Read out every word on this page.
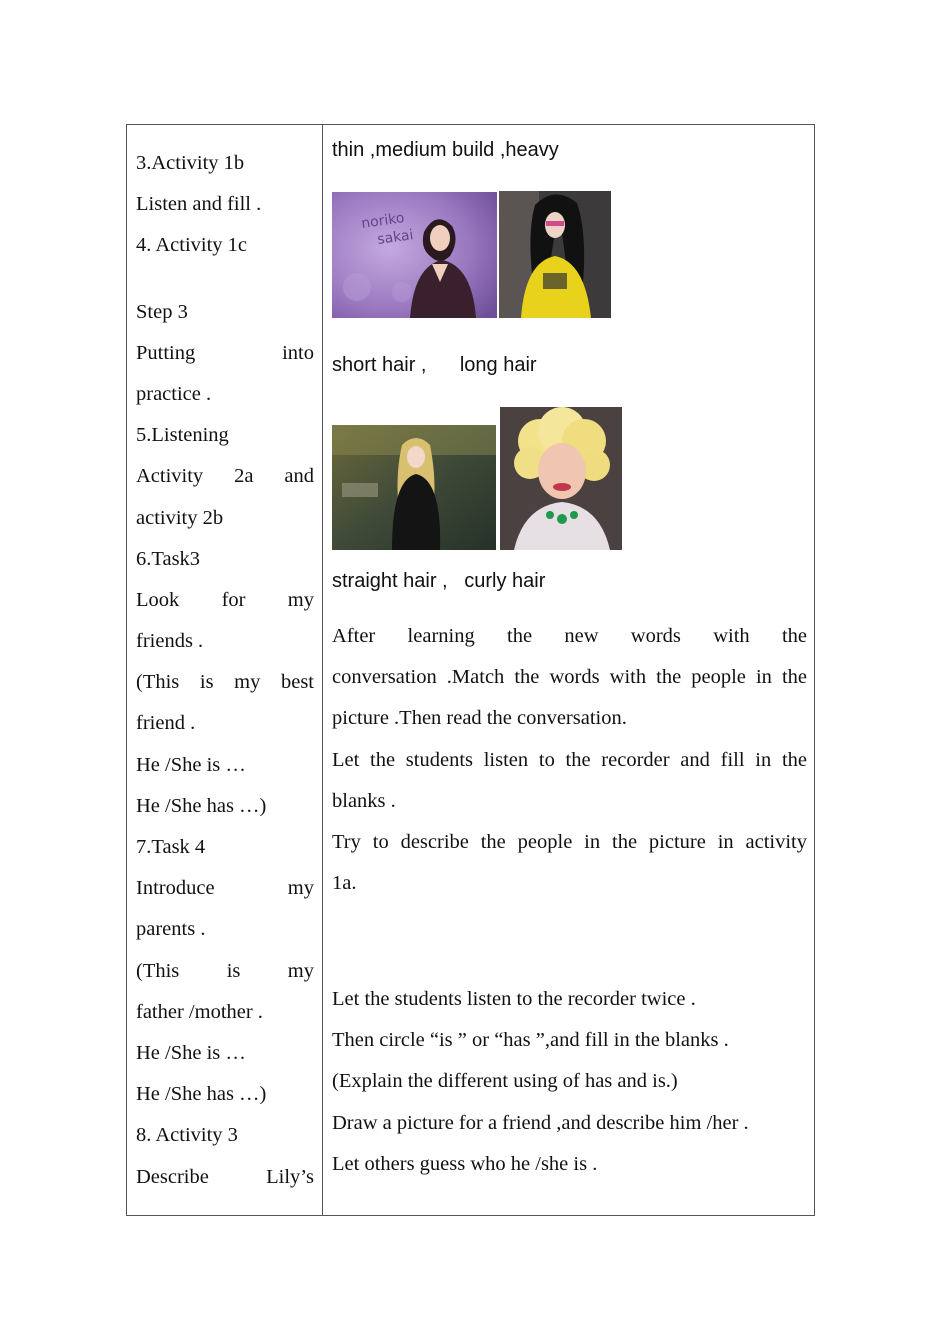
3.Activity 1b
Listen and fill .
4. Activity 1c
Step 3
Putting into
practice .
5.Listening
Activity 2a and
activity 2b
6.Task3
Look for my
friends .
(This is my best
friend .
He /She is …
He /She has …)
7.Task 4
Introduce my
parents .
(This is my
father /mother .
He /She is …
He /She has …)
8. Activity 3
Describe Lily’s
thin ,medium build ,heavy
noriko
sakai
short hair ,      long hair
straight hair ,   curly hair
After learning the new words with the
conversation .Match the words with the people in the
picture .Then read the conversation.
Let the students listen to the recorder and fill in the
blanks .
Try to describe the people in the picture in activity
1a.
Let the students listen to the recorder twice .
Then circle “is ” or “has ”,and fill in the blanks .
(Explain the different using of has and is.)
Draw a picture for a friend ,and describe him /her .
Let others guess who he /she is .
